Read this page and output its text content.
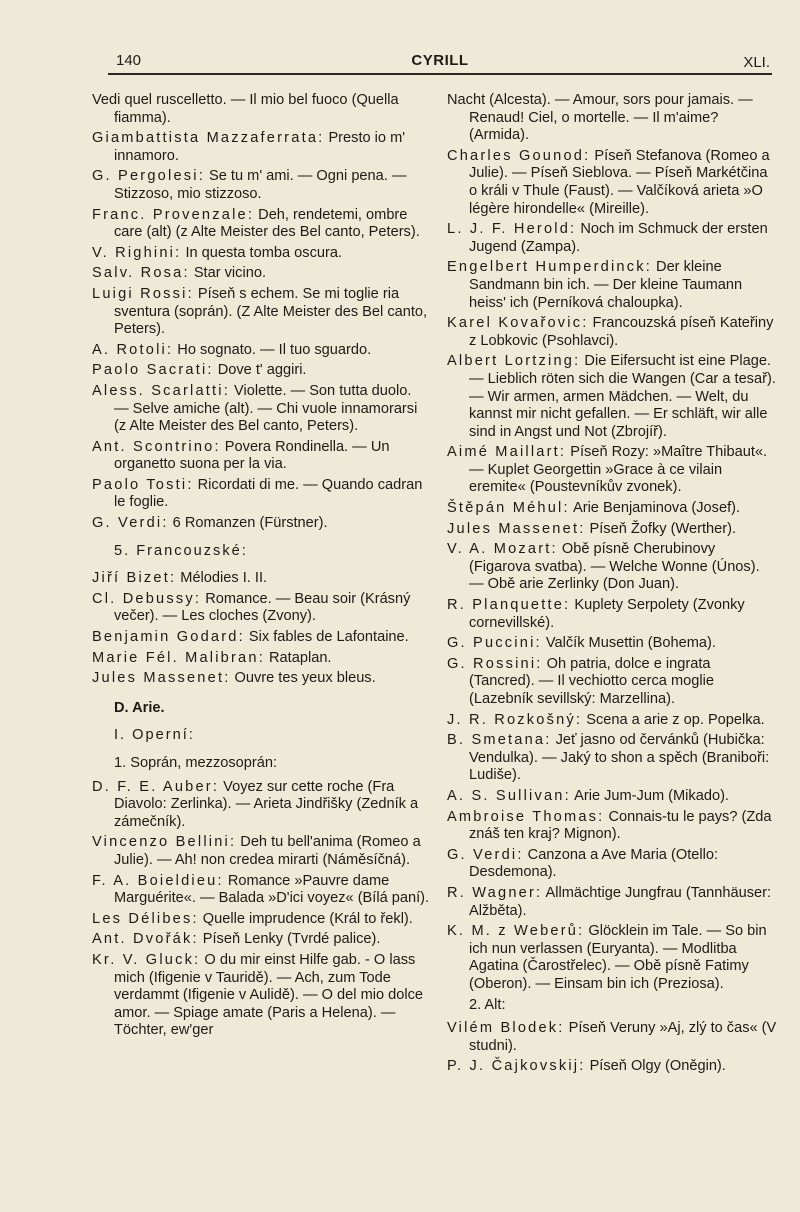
140	CYRILL	XLI.
Vedi quel ruscelletto. — Il mio bel fuoco (Quella fiamma).
Giambattista Mazzaferrata: Presto io m' innamoro.
G. Pergolesi: Se tu m' ami. — Ogni pena. — Stizzoso, mio stizzoso.
Franc. Provenzale: Deh, rendetemi, ombre care (alt) (z Alte Meister des Bel canto, Peters).
V. Righini: In questa tomba oscura.
Salv. Rosa: Star vicino.
Luigi Rossi: Píseň s echem. Se mi toglie ria sventura (soprán). (Z Alte Meister des Bel canto, Peters).
A. Rotoli: Ho sognato. — Il tuo sguardo.
Paolo Sacrati: Dove t' aggiri.
Aless. Scarlatti: Violette. — Son tutta duolo. — Selve amiche (alt). — Chi vuole innamorarsi (z Alte Meister des Bel canto, Peters).
Ant. Scontrino: Povera Rondinella. — Un organetto suona per la via.
Paolo Tosti: Ricordati di me. — Quando cadran le foglie.
G. Verdi: 6 Romanzen (Fürstner).
5. Francouzské:
Jiří Bizet: Mélodies I. II.
Cl. Debussy: Romance. — Beau soir (Krásný večer). — Les cloches (Zvony).
Benjamin Godard: Six fables de Lafontaine.
Marie Fél. Malibran: Rataplan.
Jules Massenet: Ouvre tes yeux bleus.
D. Arie.
I. Operní:
1. Soprán, mezzosoprán:
D. F. E. Auber: Voyez sur cette roche (Fra Diavolo: Zerlinka). — Arieta Jindřišky (Zedník a zámečník).
Vincenzo Bellini: Deh tu bell'anima (Romeo a Julie). — Ah! non credea mirarti (Náměsíčná).
F. A. Boieldieu: Romance »Pauvre dame Marguérite«. — Balada »D'ici voyez« (Bílá paní).
Les Délibes: Quelle imprudence (Král to řekl).
Ant. Dvořák: Píseň Lenky (Tvrdé palice).
Kr. V. Gluck: O du mir einst Hilfe gab. - O lass mich (Ifigenie v Tauridě). — Ach, zum Tode verdammt (Ifigenie v Aulidě). — O del mio dolce amor. — Spiage amate (Paris a Helena). — Töchter, ew'ger
Nacht (Alcesta). — Amour, sors pour jamais. — Renaud! Ciel, o mortelle. — Il m'aime? (Armida).
Charles Gounod: Píseň Stefanova (Romeo a Julie). — Píseň Sieblova. — Píseň Markétčina o králi v Thule (Faust). — Valčíková arieta »O légère hirondelle« (Mireille).
L. J. F. Herold: Noch im Schmuck der ersten Jugend (Zampa).
Engelbert Humperdinck: Der kleine Sandmann bin ich. — Der kleine Taumann heiss' ich (Perníková chaloupka).
Karel Kovařovic: Francouzská píseň Kateřiny z Lobkovic (Psohlavci).
Albert Lortzing: Die Eifersucht ist eine Plage. — Lieblich röten sich die Wangen (Car a tesař). — Wir armen, armen Mädchen. — Welt, du kannst mir nicht gefallen. — Er schläft, wir alle sind in Angst und Not (Zbrojíř).
Aimé Maillart: Píseň Rozy: »Maître Thibaut«. — Kuplet Georgettin »Grace à ce vilain eremite« (Poustevníkův zvonek).
Štěpán Méhul: Arie Benjaminova (Josef).
Jules Massenet: Píseň Žofky (Werther).
V. A. Mozart: Obě písně Cherubinovy (Figarova svatba). — Welche Wonne (Únos). — Obě arie Zerlinky (Don Juan).
R. Planquette: Kuplety Serpolety (Zvonky cornevillské).
G. Puccini: Valčík Musettin (Bohema).
G. Rossini: Oh patria, dolce e ingrata (Tancred). — Il vechiotto cerca moglie (Lazebník sevillský: Marzellina).
J. R. Rozkošný: Scena a arie z op. Popelka.
B. Smetana: Jeť jasno od červánků (Hubička: Vendulka). — Jaký to shon a spěch (Braniboři: Ludiše).
A. S. Sullivan: Arie Jum-Jum (Mikado).
Ambroise Thomas: Connais-tu le pays? (Zda znáš ten kraj? Mignon).
G. Verdi: Canzona a Ave Maria (Otello: Desdemona).
R. Wagner: Allmächtige Jungfrau (Tannhäuser: Alžběta).
K. M. z Weberů: Glöcklein im Tale. — So bin ich nun verlassen (Euryanta). — Modlitba Agatina (Čarostřelec). — Obě písně Fatimy (Oberon). — Einsam bin ich (Preziosa).
2. Alt:
Vilém Blodek: Píseň Veruny »Aj, zlý to čas« (V studni).
P. J. Čajkovskij: Píseň Olgy (Oněgin).
